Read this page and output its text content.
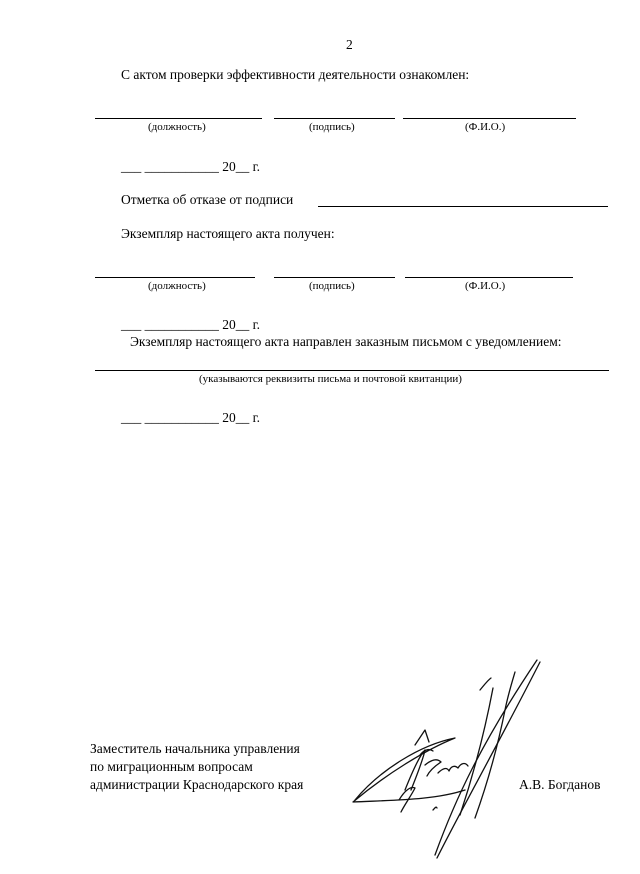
2
С актом проверки эффективности деятельности ознакомлен:
(должность)	(подпись)	(Ф.И.О.)
___ ___________ 20__ г.
Отметка об отказе от подписи
Экземпляр настоящего акта получен:
(должность)	(подпись)	(Ф.И.О.)
___ ___________ 20__ г.
Экземпляр настоящего акта направлен заказным письмом с уведомлением:
(указываются реквизиты письма и почтовой квитанции)
___ ___________ 20__ г.
Заместитель начальника управления
по миграционным вопросам
администрации Краснодарского края	А.В. Богданов
